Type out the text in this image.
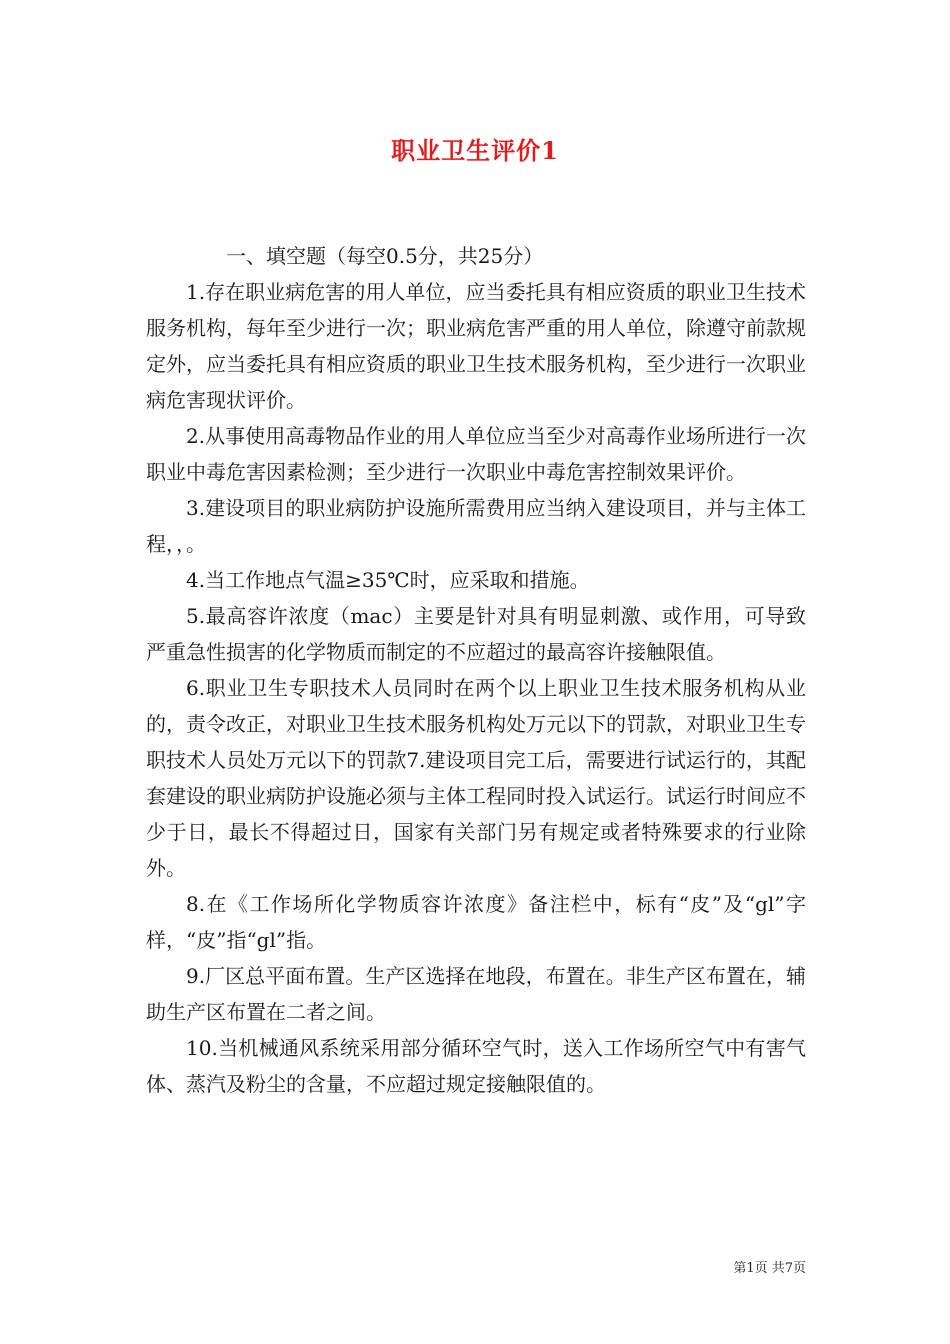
职业卫生评价1

一、填空题（每空0.5分，共25分）

1.存在职业病危害的用人单位，应当委托具有相应资质的职业卫生技术服务机构，每年至少进行一次；职业病危害严重的用人单位，除遵守前款规定外，应当委托具有相应资质的职业卫生技术服务机构，至少进行一次职业病危害现状评价。

2.从事使用高毒物品作业的用人单位应当至少对高毒作业场所进行一次职业中毒危害因素检测；至少进行一次职业中毒危害控制效果评价。

3.建设项目的职业病防护设施所需费用应当纳入建设项目，并与主体工程，，。

4.当工作地点气温≥35℃时，应采取和措施。

5.最高容许浓度（mac）主要是针对具有明显刺激、或作用，可导致严重急性损害的化学物质而制定的不应超过的最高容许接触限值。

6.职业卫生专职技术人员同时在两个以上职业卫生技术服务机构从业的，责令改正，对职业卫生技术服务机构处万元以下的罚款，对职业卫生专职技术人员处万元以下的罚款7.建设项目完工后，需要进行试运行的，其配套建设的职业病防护设施必须与主体工程同时投入试运行。试运行时间应不少于日，最长不得超过日，国家有关部门另有规定或者特殊要求的行业除外。

8.在《工作场所化学物质容许浓度》备注栏中，标有“皮”及“gl”字样，“皮”指“gl”指。

9.厂区总平面布置。生产区选择在地段，布置在。非生产区布置在，辅助生产区布置在二者之间。

10.当机械通风系统采用部分循环空气时，送入工作场所空气中有害气体、蒸汽及粉尘的含量，不应超过规定接触限值的。

第1页 共7页
